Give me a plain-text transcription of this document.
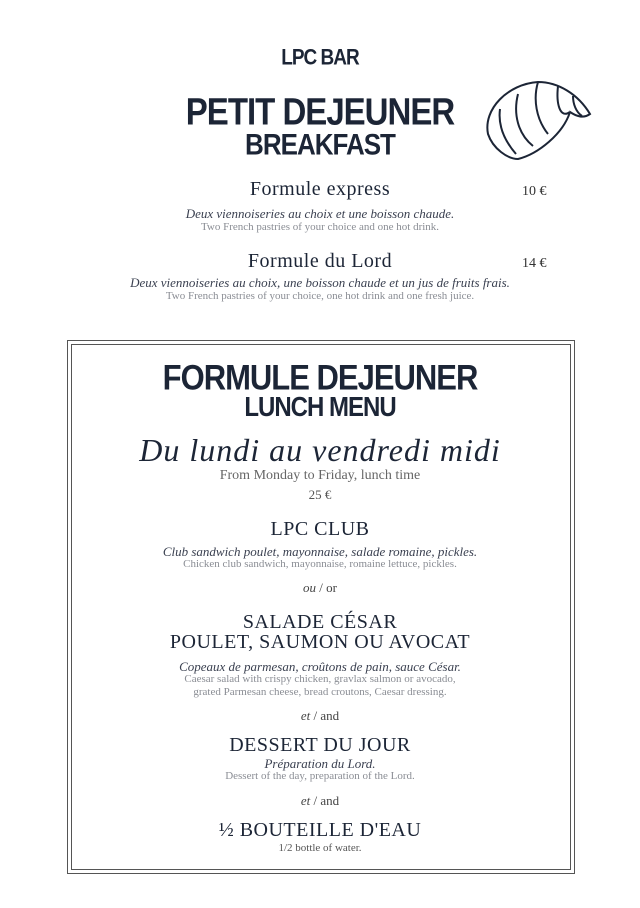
LPC BAR
PETIT DEJEUNER
BREAKFAST
Formule express	10 €
Deux viennoiseries au choix et une boisson chaude.
Two French pastries of your choice and one hot drink.
Formule du Lord	14 €
Deux viennoiseries au choix, une boisson chaude et un jus de fruits frais.
Two French pastries of your choice, one hot drink and one fresh juice.
FORMULE DEJEUNER
LUNCH MENU
Du lundi au vendredi midi
From Monday to Friday, lunch time
25 €
LPC CLUB
Club sandwich poulet, mayonnaise, salade romaine, pickles.
Chicken club sandwich, mayonnaise, romaine lettuce, pickles.
ou / or
SALADE CÉSAR
POULET, SAUMON OU AVOCAT
Copeaux de parmesan, croûtons de pain, sauce César.
Caesar salad with crispy chicken, gravlax salmon or avocado,
grated Parmesan cheese, bread croutons, Caesar dressing.
et / and
DESSERT DU JOUR
Préparation du Lord.
Dessert of the day, preparation of the Lord.
et / and
½ BOUTEILLE D'EAU
1/2 bottle of water.
